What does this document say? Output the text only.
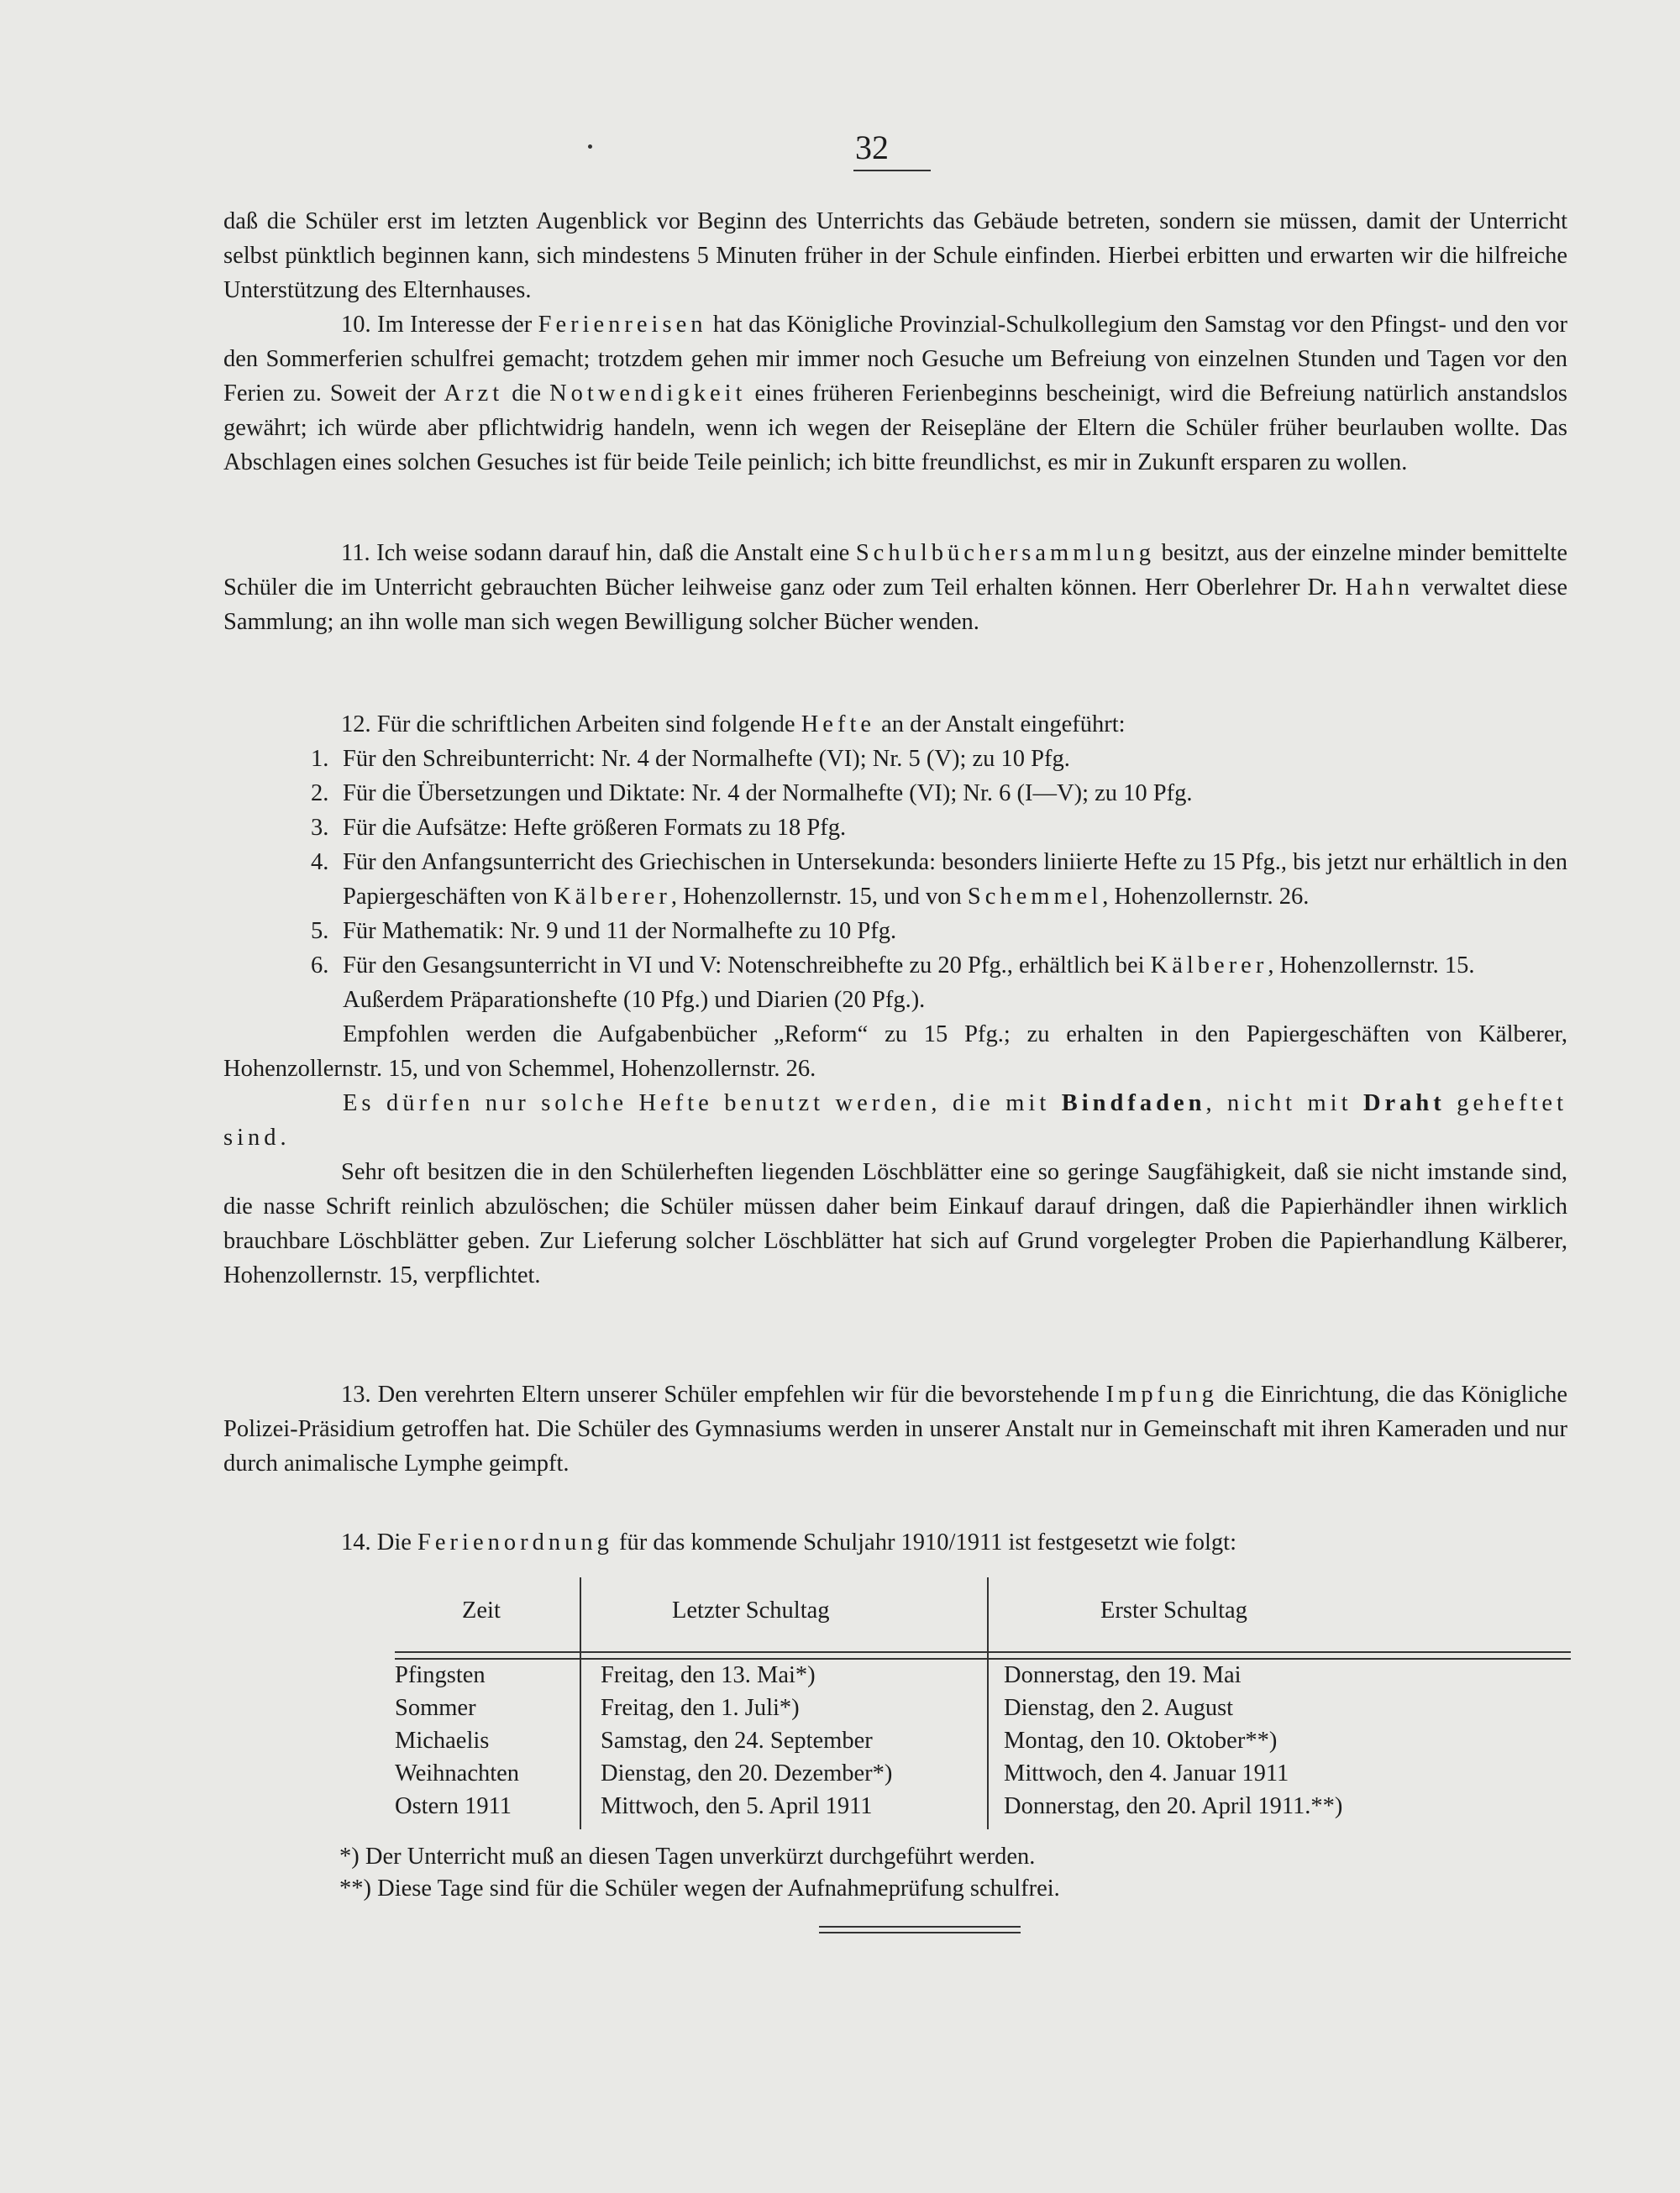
32

daß die Schüler erst im letzten Augenblick vor Beginn des Unterrichts das Gebäude betreten, sondern sie müssen, damit der Unterricht selbst pünktlich beginnen kann, sich mindestens 5 Minuten früher in der Schule einfinden. Hierbei erbitten und erwarten wir die hilfreiche Unterstützung des Elternhauses.

10. Im Interesse der Ferienreisen hat das Königliche Provinzial-Schulkollegium den Samstag vor den Pfingst- und den vor den Sommerferien schulfrei gemacht; trotzdem gehen mir immer noch Gesuche um Befreiung von einzelnen Stunden und Tagen vor den Ferien zu. Soweit der Arzt die Notwendigkeit eines früheren Ferienbeginns bescheinigt, wird die Befreiung natürlich anstandslos gewährt; ich würde aber pflichtwidrig handeln, wenn ich wegen der Reisepläne der Eltern die Schüler früher beurlauben wollte. Das Abschlagen eines solchen Gesuches ist für beide Teile peinlich; ich bitte freundlichst, es mir in Zukunft ersparen zu wollen.

11. Ich weise sodann darauf hin, daß die Anstalt eine Schulbüchersammlung besitzt, aus der einzelne minder bemittelte Schüler die im Unterricht gebrauchten Bücher leihweise ganz oder zum Teil erhalten können. Herr Oberlehrer Dr. Hahn verwaltet diese Sammlung; an ihn wolle man sich wegen Bewilligung solcher Bücher wenden.

12. Für die schriftlichen Arbeiten sind folgende Hefte an der Anstalt eingeführt:

1. Für den Schreibunterricht: Nr. 4 der Normalhefte (VI); Nr. 5 (V); zu 10 Pfg.
2. Für die Übersetzungen und Diktate: Nr. 4 der Normalhefte (VI); Nr. 6 (I—V); zu 10 Pfg.
3. Für die Aufsätze: Hefte größeren Formats zu 18 Pfg.
4. Für den Anfangsunterricht des Griechischen in Untersekunda: besonders liniierte Hefte zu 15 Pfg., bis jetzt nur erhältlich in den Papiergeschäften von Kälberer, Hohenzollernstr. 15, und von Schemmel, Hohenzollernstr. 26.
5. Für Mathematik: Nr. 9 und 11 der Normalhefte zu 10 Pfg.
6. Für den Gesangsunterricht in VI und V: Notenschreibhefte zu 20 Pfg., erhältlich bei Kälberer, Hohenzollernstr. 15.
Außerdem Präparationshefte (10 Pfg.) und Diarien (20 Pfg.).

Empfohlen werden die Aufgabenbücher „Reform“ zu 15 Pfg.; zu erhalten in den Papiergeschäften von Kälberer, Hohenzollernstr. 15, und von Schemmel, Hohenzollernstr. 26.

Es dürfen nur solche Hefte benutzt werden, die mit Bindfaden, nicht mit Draht geheftet sind.

Sehr oft besitzen die in den Schülerheften liegenden Löschblätter eine so geringe Saugfähigkeit, daß sie nicht imstande sind, die nasse Schrift reinlich abzulöschen; die Schüler müssen daher beim Einkauf darauf dringen, daß die Papierhändler ihnen wirklich brauchbare Löschblätter geben. Zur Lieferung solcher Löschblätter hat sich auf Grund vorgelegter Proben die Papierhandlung Kälberer, Hohenzollernstr. 15, verpflichtet.

13. Den verehrten Eltern unserer Schüler empfehlen wir für die bevorstehende Impfung die Einrichtung, die das Königliche Polizei-Präsidium getroffen hat. Die Schüler des Gymnasiums werden in unserer Anstalt nur in Gemeinschaft mit ihren Kameraden und nur durch animalische Lymphe geimpft.

14. Die Ferienordnung für das kommende Schuljahr 1910/1911 ist festgesetzt wie folgt:

Zeit	Letzter Schultag	Erster Schultag
Pfingsten	Freitag, den 13. Mai*)	Donnerstag, den 19. Mai
Sommer	Freitag, den 1. Juli*)	Dienstag, den 2. August
Michaelis	Samstag, den 24. September	Montag, den 10. Oktober**)
Weihnachten	Dienstag, den 20. Dezember*)	Mittwoch, den 4. Januar 1911
Ostern 1911	Mittwoch, den 5. April 1911	Donnerstag, den 20. April 1911.**)
*) Der Unterricht muß an diesen Tagen unverkürzt durchgeführt werden.
**) Diese Tage sind für die Schüler wegen der Aufnahmeprüfung schulfrei.
